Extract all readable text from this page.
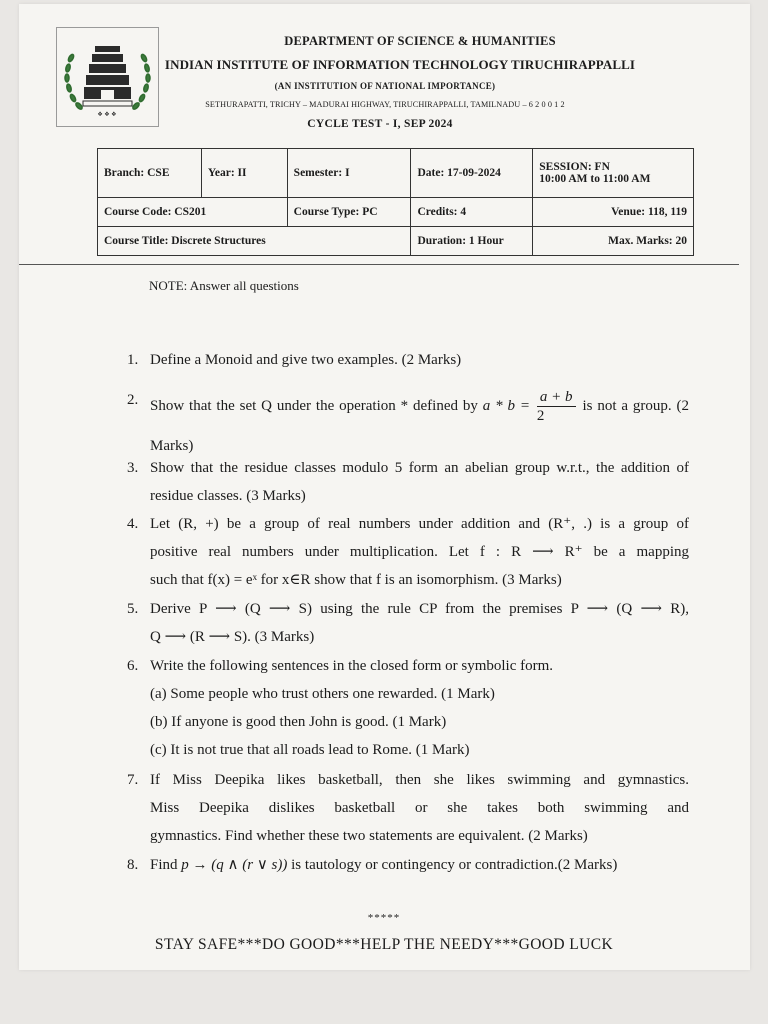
❖ ❖ ❖
DEPARTMENT OF SCIENCE & HUMANITIES
INDIAN INSTITUTE OF INFORMATION TECHNOLOGY TIRUCHIRAPPALLI
(AN INSTITUTION OF NATIONAL IMPORTANCE)
SETHURAPATTI, TRICHY – MADURAI HIGHWAY, TIRUCHIRAPPALLI, TAMILNADU – 6 2 0 0 1 2
CYCLE TEST - I, SEP 2024
Branch: CSE	Year: II	Semester: I	Date: 17-09-2024	SESSION: FN
10:00 AM to 11:00 AM

Course Code: CS201		Course Type: PC	Credits: 4	Venue: 118, 119
Course Title: Discrete Structures			Duration: 1 Hour	Max. Marks: 20
NOTE: Answer all questions
1. Define a Monoid and give two examples. (2 Marks)
2. Show that the set Q under the operation * defined by $a * b = \frac{a + b}{2}$ is not a group. (2 Marks)
3. Show that the residue classes modulo 5 form an abelian group w.r.t., the addition of residue classes. (3 Marks)
4. Let (R, +) be a group of real numbers under addition and (R⁺, .) is a group of
positive real numbers under multiplication. Let f : R ⟶ R⁺ be a mapping
such that f(x) = eˣ for x∈R show that f is an isomorphism. (3 Marks)
5. Derive P ⟶ (Q ⟶ S) using the rule CP from the premises P ⟶ (Q ⟶ R),
Q ⟶ (R ⟶ S). (3 Marks)
6. Write the following sentences in the closed form or symbolic form.
(a) Some people who trust others one rewarded. (1 Mark)
(b) If anyone is good then John is good. (1 Mark)
(c) It is not true that all roads lead to Rome. (1 Mark)
7. If Miss Deepika likes basketball, then she likes swimming and gymnastics.
Miss Deepika dislikes basketball or she takes both swimming and
gymnastics. Find whether these two statements are equivalent. (2 Marks)
8. Find p → (q ∧ (r ∨ s)) is tautology or contingency or contradiction.(2 Marks)
*****
STAY SAFE***DO GOOD***HELP THE NEEDY***GOOD LUCK
